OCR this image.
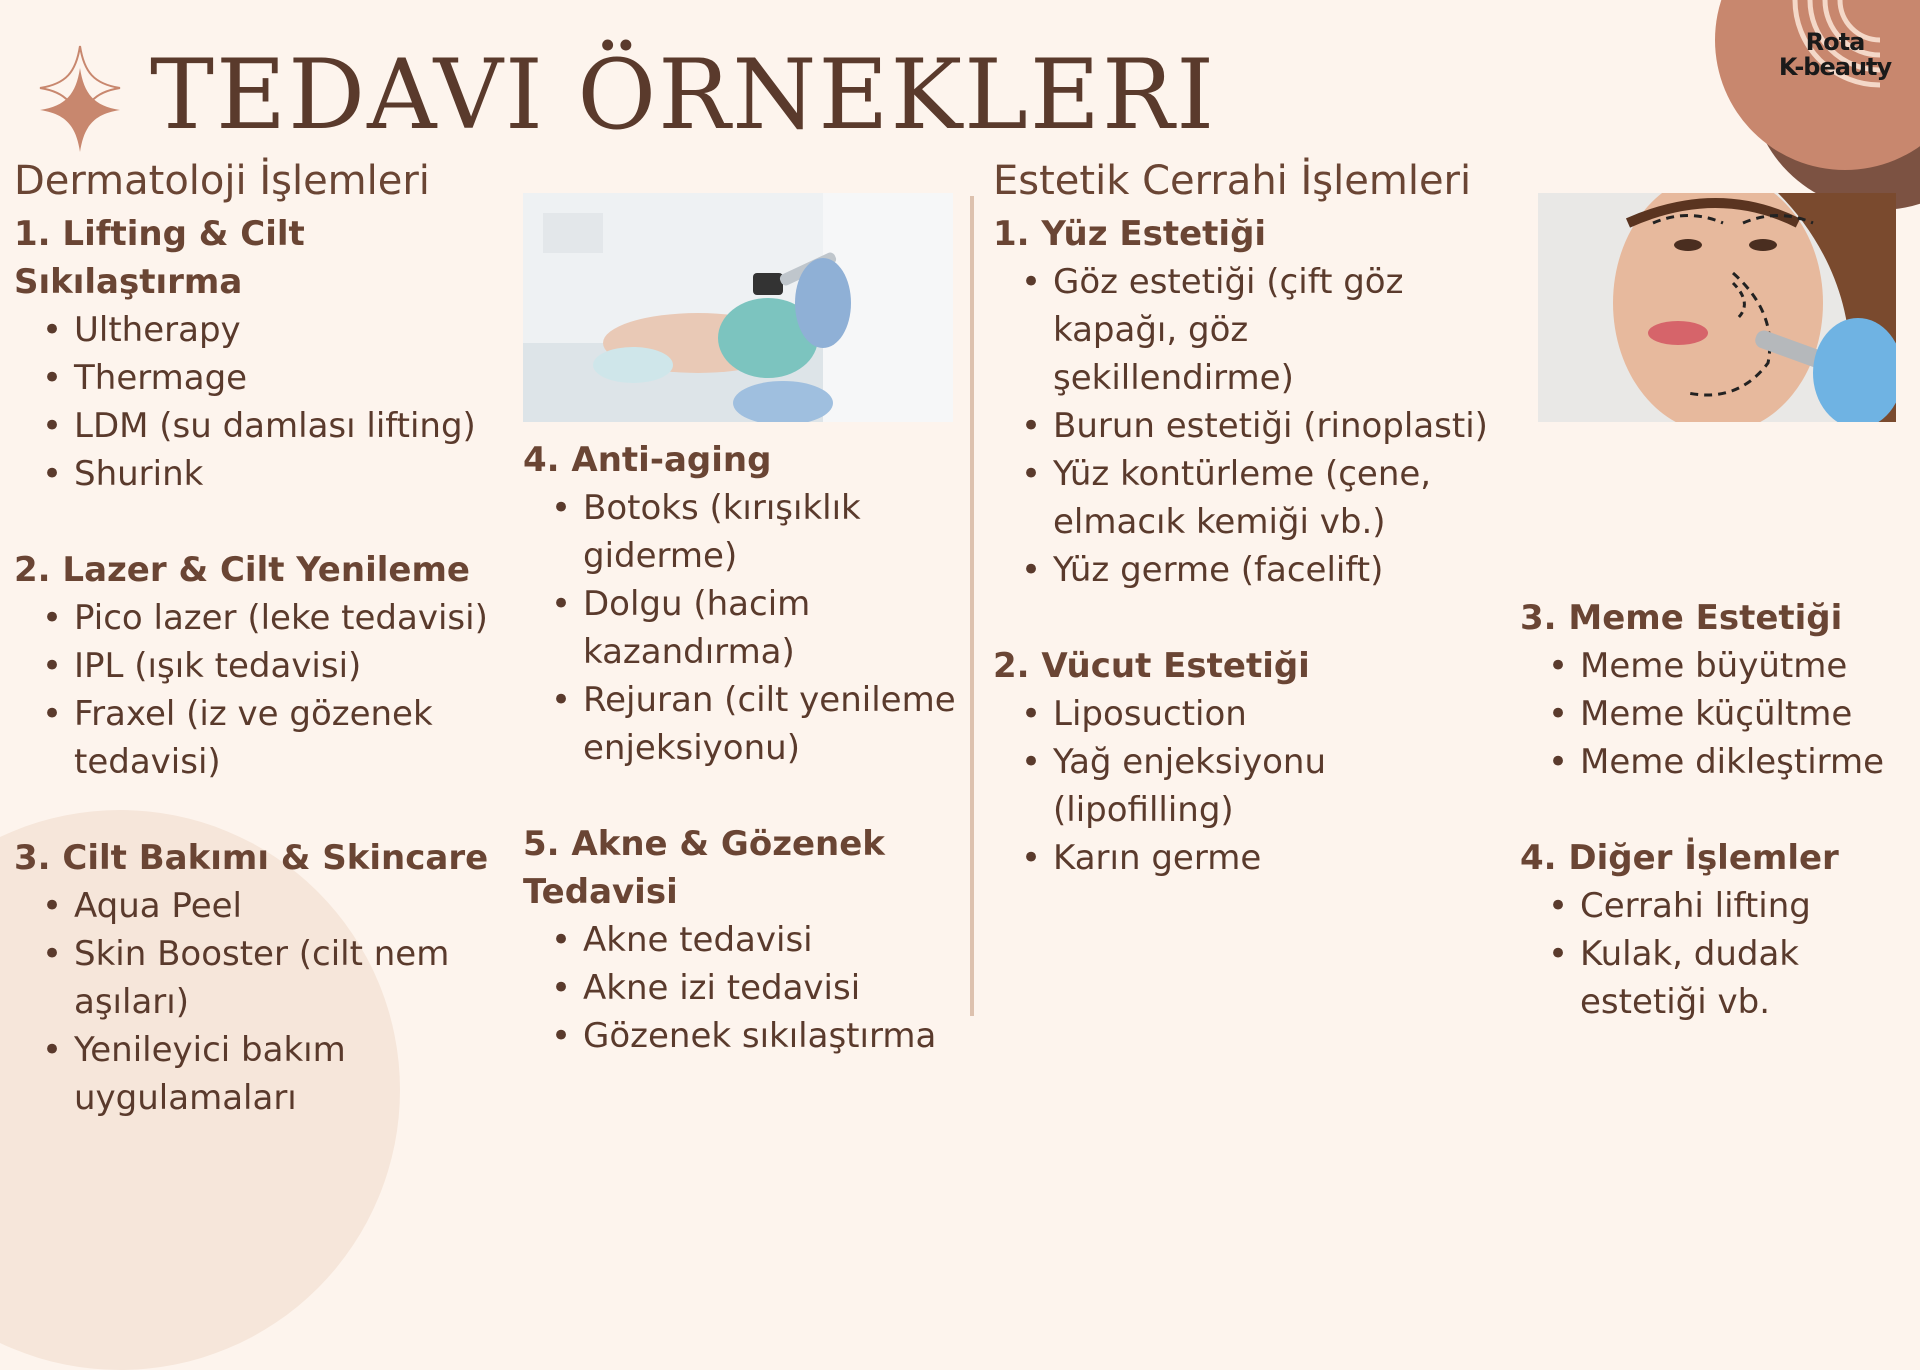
Rota
K-beauty
TEDAVI ÖRNEKLERI
Dermatoloji İşlemleri
1. Lifting & Cilt Sıkılaştırma
• Ultherapy
• Thermage
• LDM (su damlası lifting)
• Shurink
2. Lazer & Cilt Yenileme
• Pico lazer (leke tedavisi)
• IPL (ışık tedavisi)
• Fraxel (iz ve gözenek
tedavisi)
3. Cilt Bakımı & Skincare
• Aqua Peel
• Skin Booster (cilt nem
aşıları)
• Yenileyici bakım
uygulamaları
4. Anti-aging
• Botoks (kırışıklık
giderme)
• Dolgu (hacim
kazandırma)
• Rejuran (cilt yenileme
enjeksiyonu)
5. Akne & Gözenek
Tedavisi
• Akne tedavisi
• Akne izi tedavisi
• Gözenek sıkılaştırma
Estetik Cerrahi İşlemleri
1. Yüz Estetiği
• Göz estetiği (çift göz
kapağı, göz
şekillendirme)
• Burun estetiği (rinoplasti)
• Yüz kontürleme (çene,
elmacık kemiği vb.)
• Yüz germe (facelift)
2. Vücut Estetiği
• Liposuction
• Yağ enjeksiyonu
(lipofilling)
• Karın germe
3. Meme Estetiği
• Meme büyütme
• Meme küçültme
• Meme dikleştirme
4. Diğer İşlemler
• Cerrahi lifting
• Kulak, dudak
estetiği vb.
